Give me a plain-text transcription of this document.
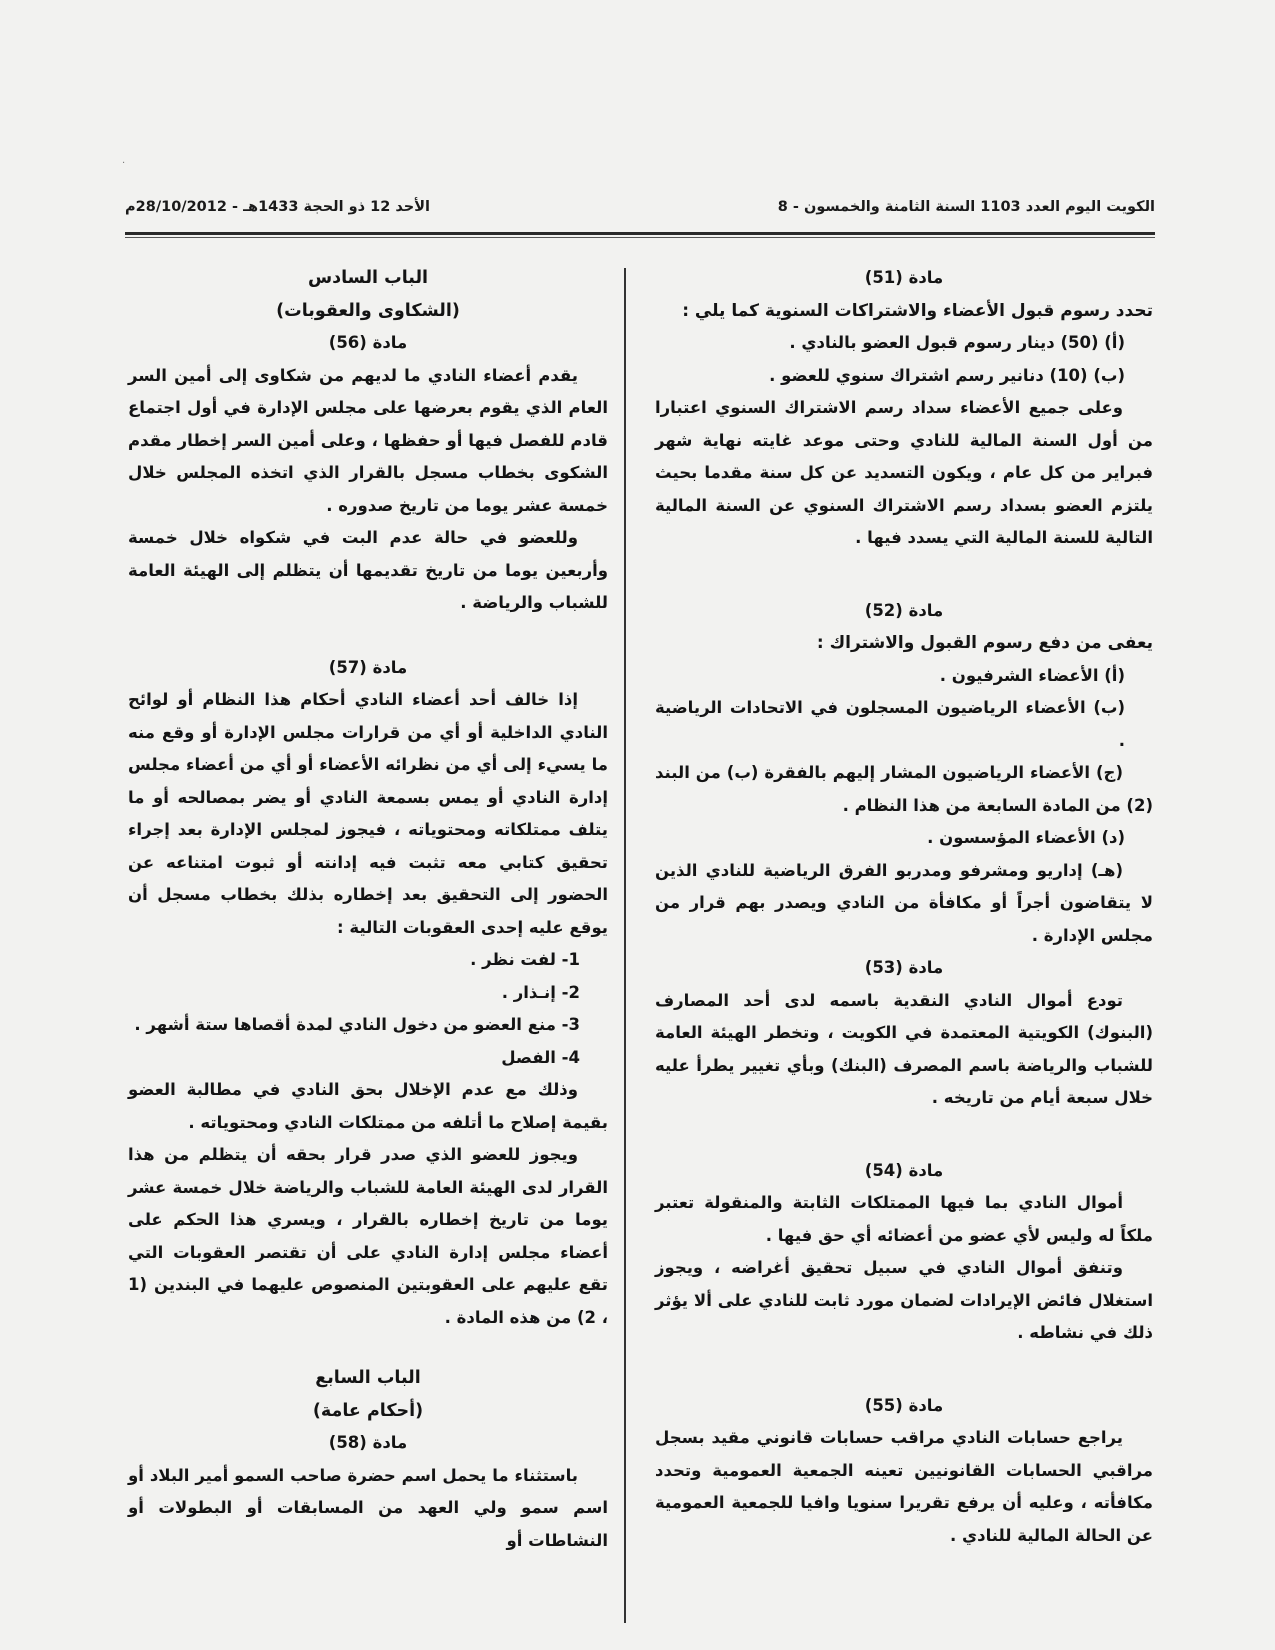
·
الكويت اليوم العدد 1103 السنة الثامنة والخمسون - 8
الأحد 12 ذو الحجة 1433هـ - 28/10/2012م
مادة (51)
تحدد رسوم قبول الأعضاء والاشتراكات السنوية كما يلي :

(أ) (50) دينار رسوم قبول العضو بالنادي .

(ب) (10) دنانير رسم اشتراك سنوي للعضو .

وعلى جميع الأعضاء سداد رسم الاشتراك السنوي اعتبارا من أول السنة المالية للنادي وحتى موعد غايته نهاية شهر فبراير من كل عام ، ويكون التسديد عن كل سنة مقدما بحيث يلتزم العضو بسداد رسم الاشتراك السنوي عن السنة المالية التالية للسنة المالية التي يسدد فيها .

مادة (52)
يعفى من دفع رسوم القبول والاشتراك :

(أ) الأعضاء الشرفيون .

(ب) الأعضاء الرياضيون المسجلون في الاتحادات الرياضية .

(ج) الأعضاء الرياضيون المشار إليهم بالفقرة (ب) من البند (2) من المادة السابعة من هذا النظام .

(د) الأعضاء المؤسسون .

(هـ) إداريو ومشرفو ومدربو الفرق الرياضية للنادي الذين لا يتقاضون أجراً أو مكافأة من النادي ويصدر بهم قرار من مجلس الإدارة .

مادة (53)

تودع أموال النادي النقدية باسمه لدى أحد المصارف (البنوك) الكويتية المعتمدة في الكويت ، وتخطر الهيئة العامة للشباب والرياضة باسم المصرف (البنك) وبأي تغيير يطرأ عليه خلال سبعة أيام من تاريخه .

مادة (54)

أموال النادي بما فيها الممتلكات الثابتة والمنقولة تعتبر ملكاً له وليس لأي عضو من أعضائه أي حق فيها .

وتنفق أموال النادي في سبيل تحقيق أغراضه ، ويجوز استغلال فائض الإيرادات لضمان مورد ثابت للنادي على ألا يؤثر ذلك في نشاطه .

مادة (55)

يراجع حسابات النادي مراقب حسابات قانوني مقيد بسجل مراقبي الحسابات القانونيين تعينه الجمعية العمومية وتحدد مكافأته ، وعليه أن يرفع تقريرا سنويا وافيا للجمعية العمومية عن الحالة المالية للنادي .

الباب السادس
(الشكاوى والعقوبات)
مادة (56)

يقدم أعضاء النادي ما لديهم من شكاوى إلى أمين السر العام الذي يقوم بعرضها على مجلس الإدارة في أول اجتماع قادم للفصل فيها أو حفظها ، وعلى أمين السر إخطار مقدم الشكوى بخطاب مسجل بالقرار الذي اتخذه المجلس خلال خمسة عشر يوما من تاريخ صدوره .

وللعضو في حالة عدم البت في شكواه خلال خمسة وأربعين يوما من تاريخ تقديمها أن يتظلم إلى الهيئة العامة للشباب والرياضة .

مادة (57)

إذا خالف أحد أعضاء النادي أحكام هذا النظام أو لوائح النادي الداخلية أو أي من قرارات مجلس الإدارة أو وقع منه ما يسيء إلى أي من نظرائه الأعضاء أو أي من أعضاء مجلس إدارة النادي أو يمس بسمعة النادي أو يضر بمصالحه أو ما يتلف ممتلكاته ومحتوياته ، فيجوز لمجلس الإدارة بعد إجراء تحقيق كتابي معه تثبت فيه إدانته أو ثبوت امتناعه عن الحضور إلى التحقيق بعد إخطاره بذلك بخطاب مسجل أن يوقع عليه إحدى العقوبات التالية :

1- لفت نظر .

2- إنـذار .

3- منع العضو من دخول النادي لمدة أقصاها ستة أشهر .

4- الفصل

وذلك مع عدم الإخلال بحق النادي في مطالبة العضو بقيمة إصلاح ما أتلفه من ممتلكات النادي ومحتوياته .

ويجوز للعضو الذي صدر قرار بحقه أن يتظلم من هذا القرار لدى الهيئة العامة للشباب والرياضة خلال خمسة عشر يوما من تاريخ إخطاره بالقرار ، ويسري هذا الحكم على أعضاء مجلس إدارة النادي على أن تقتصر العقوبات التي تقع عليهم على العقوبتين المنصوص عليهما في البندين (1 ، 2) من هذه المادة .

الباب السابع
(أحكام عامة)
مادة (58)

باستثناء ما يحمل اسم حضرة صاحب السمو أمير البلاد أو اسم سمو ولي العهد من المسابقات أو البطولات أو النشاطات أو
